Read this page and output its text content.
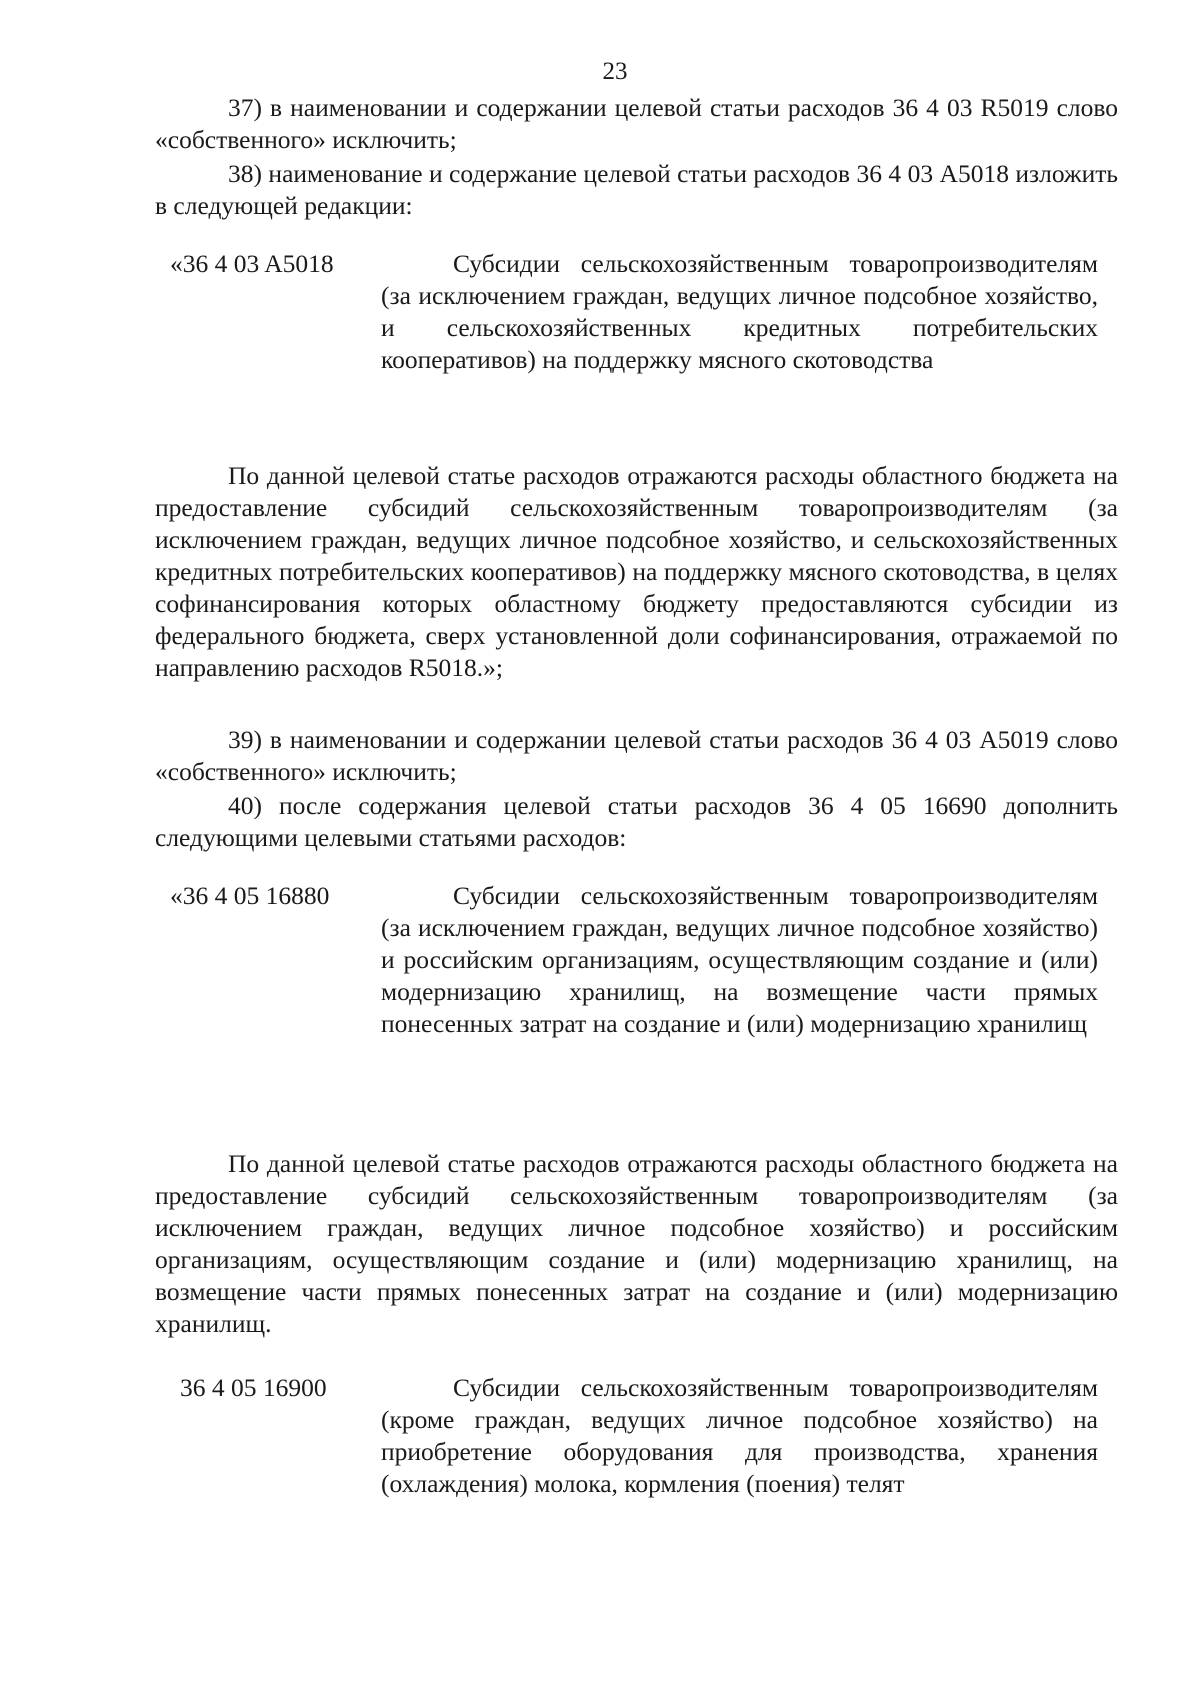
23

37) в наименовании и содержании целевой статьи расходов 36 4 03 R5019 слово «собственного» исключить;

38) наименование и содержание целевой статьи расходов 36 4 03 A5018 изложить в следующей редакции:

«36 4 03 A5018	Субсидии сельскохозяйственным товаропроизводителям (за исключением граждан, ведущих личное подсобное хозяйство, и сельскохозяйственных кредитных потребительских кооперативов) на поддержку мясного скотоводства

По данной целевой статье расходов отражаются расходы областного бюджета на предоставление субсидий сельскохозяйственным товаропроизводителям (за исключением граждан, ведущих личное подсобное хозяйство, и сельскохозяйственных кредитных потребительских кооперативов) на поддержку мясного скотоводства, в целях софинансирования которых областному бюджету предоставляются субсидии из федерального бюджета, сверх установленной доли софинансирования, отражаемой по направлению расходов R5018.»;

39) в наименовании и содержании целевой статьи расходов 36 4 03 A5019 слово «собственного» исключить;

40) после содержания целевой статьи расходов 36 4 05 16690 дополнить следующими целевыми статьями расходов:

«36 4 05 16880	Субсидии сельскохозяйственным товаропроизводителям (за исключением граждан, ведущих личное подсобное хозяйство) и российским организациям, осуществляющим создание и (или) модернизацию хранилищ, на возмещение части прямых понесенных затрат на создание и (или) модернизацию хранилищ

По данной целевой статье расходов отражаются расходы областного бюджета на предоставление субсидий сельскохозяйственным товаропроизводителям (за исключением граждан, ведущих личное подсобное хозяйство) и российским организациям, осуществляющим создание и (или) модернизацию хранилищ, на возмещение части прямых понесенных затрат на создание и (или) модернизацию хранилищ.

36 4 05 16900	Субсидии сельскохозяйственным товаропроизводителям (кроме граждан, ведущих личное подсобное хозяйство) на приобретение оборудования для производства, хранения (охлаждения) молока, кормления (поения) телят
